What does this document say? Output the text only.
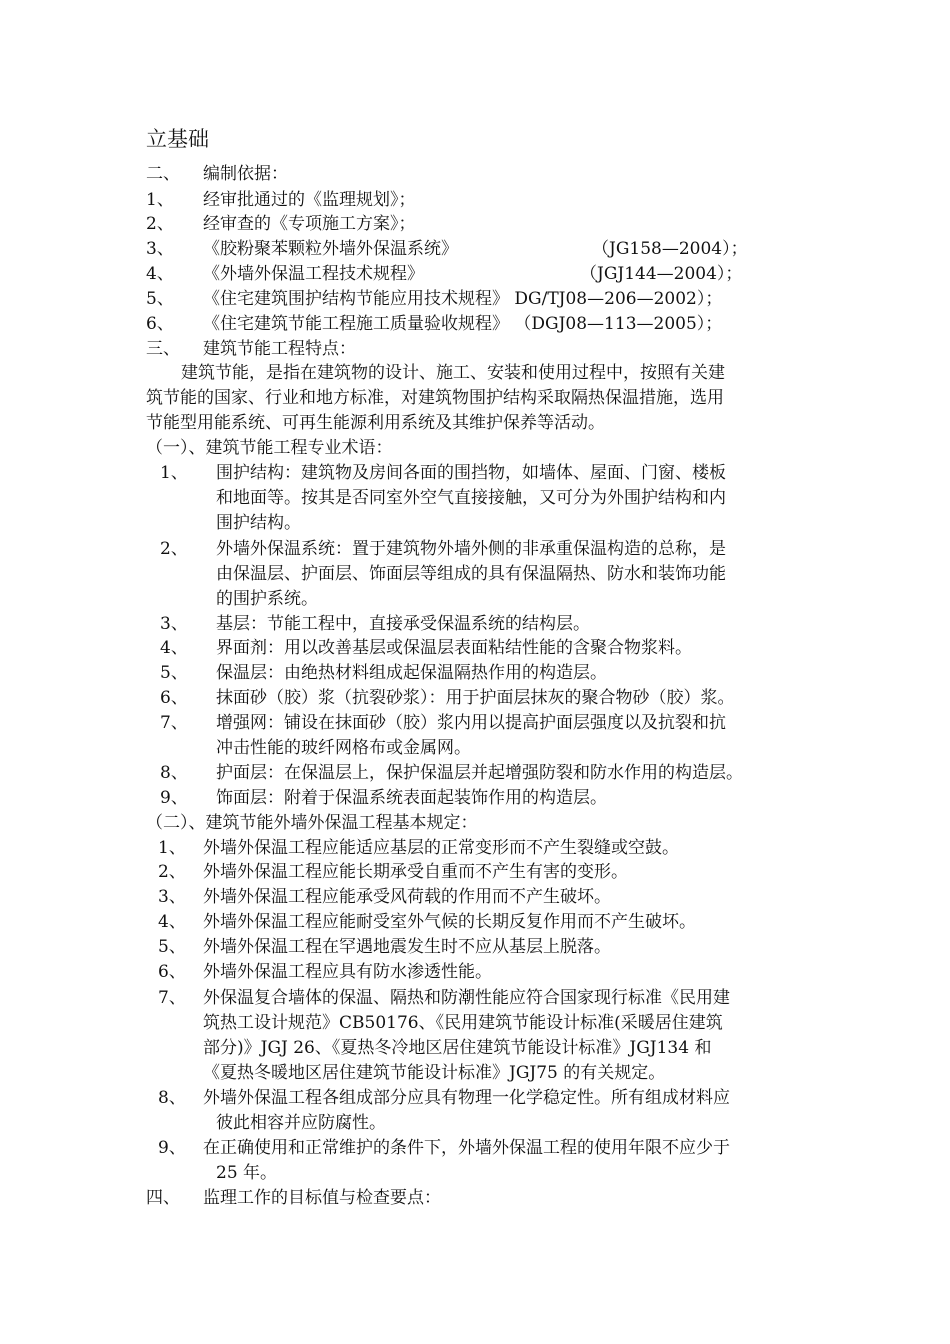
立基础
二、 编制依据：
1、 经审批通过的《监理规划》；
2、 经审查的《专项施工方案》；
3、 《胶粉聚苯颗粒外墙外保温系统》	（JG158—2004）；
4、 《外墙外保温工程技术规程》	（JGJ144—2004）；
5、 《住宅建筑围护结构节能应用技术规程》 DG/TJ08—206—2002）；
6、 《住宅建筑节能工程施工质量验收规程》 （DGJ08—113—2005）；
三、 建筑节能工程特点：
建筑节能，是指在建筑物的设计、施工、安装和使用过程中，按照有关建
筑节能的国家、行业和地方标准，对建筑物围护结构采取隔热保温措施，选用
节能型用能系统、可再生能源利用系统及其维护保养等活动。
（一）、建筑节能工程专业术语：
1、 围护结构：建筑物及房间各面的围挡物，如墙体、屋面、门窗、楼板
和地面等。按其是否同室外空气直接接触，又可分为外围护结构和内
围护结构。
2、 外墙外保温系统：置于建筑物外墙外侧的非承重保温构造的总称，是
由保温层、护面层、饰面层等组成的具有保温隔热、防水和装饰功能
的围护系统。
3、 基层：节能工程中，直接承受保温系统的结构层。
4、 界面剂：用以改善基层或保温层表面粘结性能的含聚合物浆料。
5、 保温层：由绝热材料组成起保温隔热作用的构造层。
6、 抹面砂（胶）浆（抗裂砂浆）：用于护面层抹灰的聚合物砂（胶）浆。
7、 增强网：铺设在抹面砂（胶）浆内用以提高护面层强度以及抗裂和抗
冲击性能的玻纤网格布或金属网。
8、 护面层：在保温层上，保护保温层并起增强防裂和防水作用的构造层。
9、 饰面层：附着于保温系统表面起装饰作用的构造层。
（二）、建筑节能外墙外保温工程基本规定：
1、 外墙外保温工程应能适应基层的正常变形而不产生裂缝或空鼓。
2、 外墙外保温工程应能长期承受自重而不产生有害的变形。
3、 外墙外保温工程应能承受风荷载的作用而不产生破坏。
4、 外墙外保温工程应能耐受室外气候的长期反复作用而不产生破坏。
5、 外墙外保温工程在罕遇地震发生时不应从基层上脱落。
6、 外墙外保温工程应具有防水渗透性能。
7、 外保温复合墙体的保温、隔热和防潮性能应符合国家现行标准《民用建
筑热工设计规范》CB50176、《民用建筑节能设计标准(采暖居住建筑
部分)》JGJ 26、《夏热冬冷地区居住建筑节能设计标准》JGJ134 和
《夏热冬暖地区居住建筑节能设计标准》JGJ75 的有关规定。
8、 外墙外保温工程各组成部分应具有物理一化学稳定性。所有组成材料应
彼此相容并应防腐性。
9、 在正确使用和正常维护的条件下，外墙外保温工程的使用年限不应少于
25 年。
四、 监理工作的目标值与检查要点：
